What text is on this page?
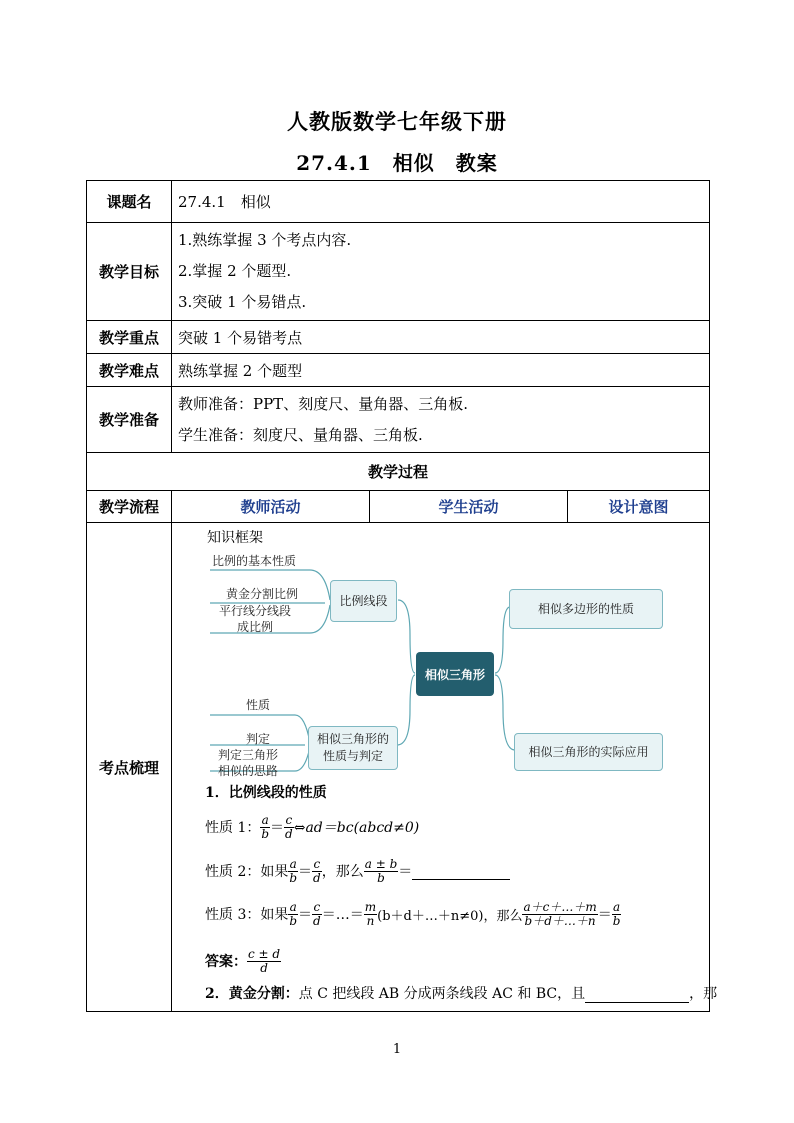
人教版数学七年级下册
27.4.1　相似　教案
课题名	27.4.1　相似		
教学目标	1.熟练掌握 3 个考点内容.
2.掌握 2 个题型.
3.突破 1 个易错点.		

教学重点	突破 1 个易错考点		
教学难点	熟练掌握 2 个题型		
教学准备	教师准备：PPT、刻度尺、量角器、三角板.
学生准备：刻度尺、量角器、三角板.		

教学过程			
教学流程	教师活动	学生活动	设计意图
考点梳理			
知识框架
比例线段
相似三角形
相似三角形的
性质与判定
相似多边形的性质
相似三角形的实际应用
比例的基本性质
黄金分割比例
平行线分线段
成比例
性质
判定
判定三角形
相似的思路
1．比例线段的性质
性质 1： $\frac{a}{b} = \frac{c}{d}$ ⇔ad＝bc(abcd≠0)
性质 2：如果 $\frac{a}{b} = \frac{c}{d}$ ，那么 $\frac{a \pm b}{b}$ ＝
性质 3：如果 $\frac{a}{b} = \frac{c}{d}$ ＝…＝ $\frac{m}{n}$ (b＋d＋…＋n≠0)，那么 $\frac{a+c+\dots+m}{b+d+\dots+n} = \frac{a}{b}$
答案： $\frac{c \pm d}{d}$
2．黄金分割： 点 C 把线段 AB 分成两条线段 AC 和 BC，且	，那
1
